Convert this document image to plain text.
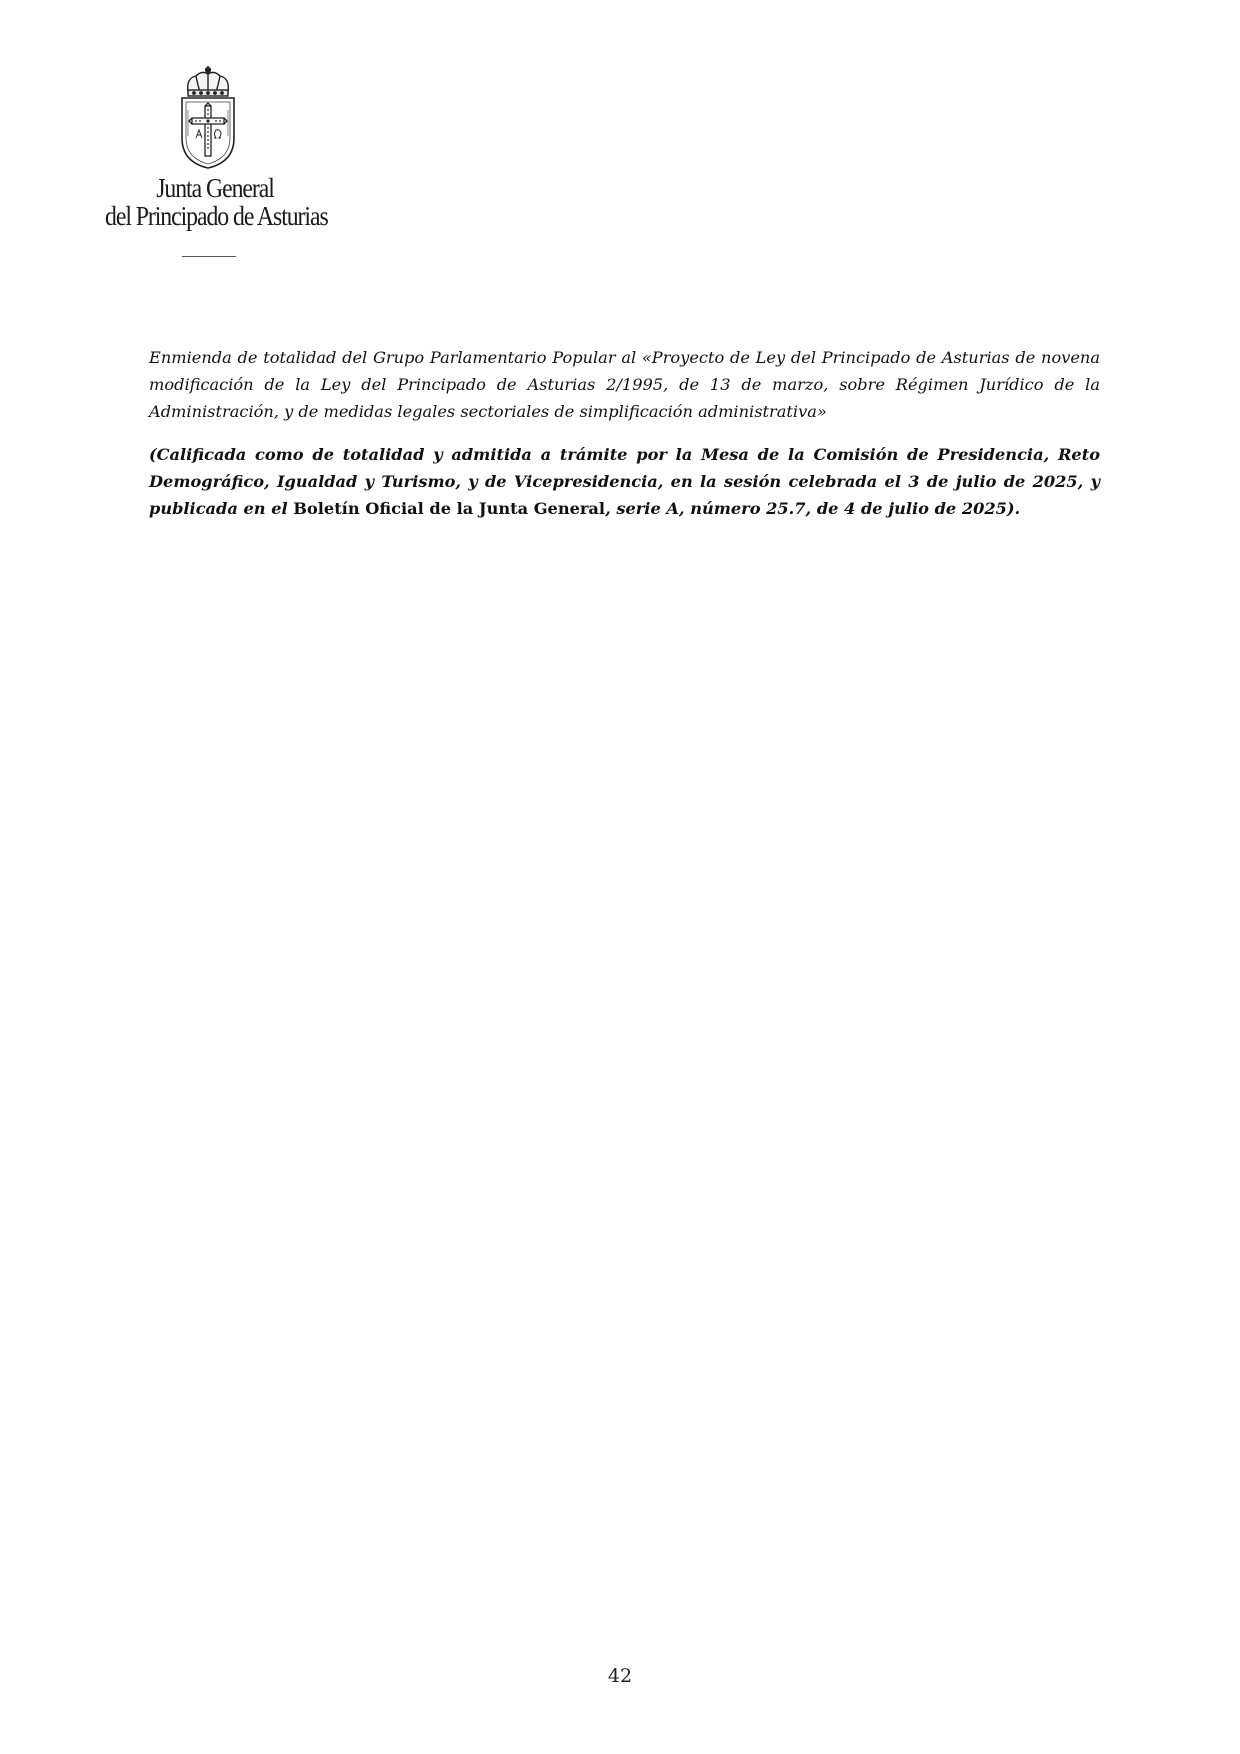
Junta General
del Principado de Asturias

Enmienda de totalidad del Grupo Parlamentario Popular al «Proyecto de Ley del Principado de Asturias de novena modificación de la Ley del Principado de Asturias 2/1995, de 13 de marzo, sobre Régimen Jurídico de la Administración, y de medidas legales sectoriales de simplificación administrativa»

(Calificada como de totalidad y admitida a trámite por la Mesa de la Comisión de Presidencia, Reto Demográfico, Igualdad y Turismo, y de Vicepresidencia, en la sesión celebrada el 3 de julio de 2025, y publicada en el Boletín Oficial de la Junta General, serie A, número 25.7, de 4 de julio de 2025).

42
